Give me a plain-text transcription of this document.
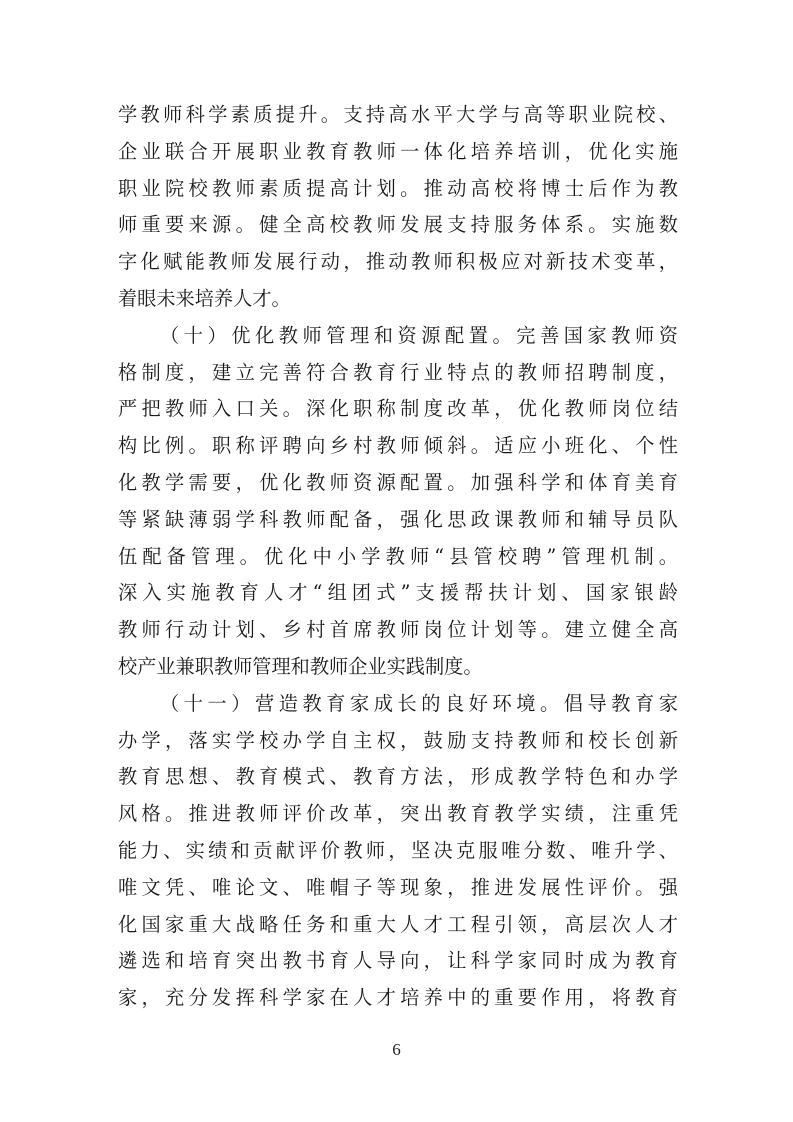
学教师科学素质提升。支持高水平大学与高等职业院校、
企业联合开展职业教育教师一体化培养培训，优化实施
职业院校教师素质提高计划。推动高校将博士后作为教
师重要来源。健全高校教师发展支持服务体系。实施数
字化赋能教师发展行动，推动教师积极应对新技术变革，
着眼未来培养人才。
（十）优化教师管理和资源配置。完善国家教师资
格制度，建立完善符合教育行业特点的教师招聘制度，
严把教师入口关。深化职称制度改革，优化教师岗位结
构比例。职称评聘向乡村教师倾斜。适应小班化、个性
化教学需要，优化教师资源配置。加强科学和体育美育
等紧缺薄弱学科教师配备，强化思政课教师和辅导员队
伍配备管理。优化中小学教师“县管校聘”管理机制。
深入实施教育人才“组团式”支援帮扶计划、国家银龄
教师行动计划、乡村首席教师岗位计划等。建立健全高
校产业兼职教师管理和教师企业实践制度。
（十一）营造教育家成长的良好环境。倡导教育家
办学，落实学校办学自主权，鼓励支持教师和校长创新
教育思想、教育模式、教育方法，形成教学特色和办学
风格。推进教师评价改革，突出教育教学实绩，注重凭
能力、实绩和贡献评价教师，坚决克服唯分数、唯升学、
唯文凭、唯论文、唯帽子等现象，推进发展性评价。强
化国家重大战略任务和重大人才工程引领，高层次人才
遴选和培育突出教书育人导向，让科学家同时成为教育
家，充分发挥科学家在人才培养中的重要作用，将教育
6
